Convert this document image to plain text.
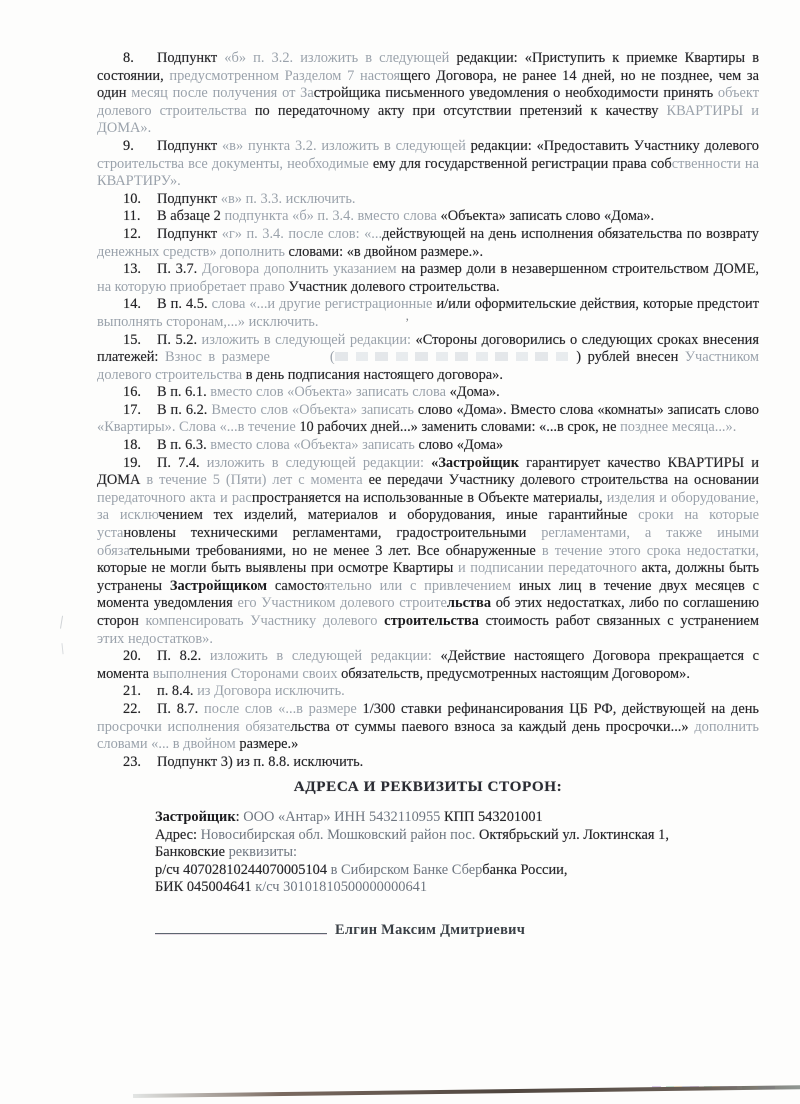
8. Подпункт «б» п. 3.2. изложить в следующей редакции: «Приступить к приемке Квартиры в состоянии, предусмотренном Разделом 7 настоящего Договора, не ранее 14 дней, но не позднее, чем за один месяц после получения от Застройщика письменного уведомления о необходимости принять объект долевого строительства по передаточному акту при отсутствии претензий к качеству КВАРТИРЫ и ДОМА».

9. Подпункт «в» пункта 3.2. изложить в следующей редакции: «Предоставить Участнику долевого строительства все документы, необходимые ему для государственной регистрации права собственности на КВАРТИРУ».

10. Подпункт «в» п. 3.3. исключить.

11. В абзаце 2 подпункта «б» п. 3.4. вместо слова «Объекта» записать слово «Дома».

12. Подпункт «г» п. 3.4. после слов: «...действующей на день исполнения обязательства по возврату денежных средств» дополнить словами: «в двойном размере.».

13. П. 3.7. Договора дополнить указанием на размер доли в незавершенном строительством ДОМЕ, на которую приобретает право Участник долевого строительства.

14. В п. 4.5. слова «...и другие регистрационные и/или оформительские действия, которые предстоит выполнять сторонам,...» исключить.

15. П. 5.2. изложить в следующей редакции: «Стороны договорились о следующих сроках внесения платежей: Взнос в размере	(	) рублей внесен Участником долевого строительства в день подписания настоящего договора».

16. В п. 6.1. вместо слов «Объекта» записать слова «Дома».

17. В п. 6.2. Вместо слов «Объекта» записать слово «Дома». Вместо слова «комнаты» записать слово «Квартиры». Слова «...в течение 10 рабочих дней...» заменить словами: «...в срок, не позднее месяца...».

18. В п. 6.3. вместо слова «Объекта» записать слово «Дома»

19. П. 7.4. изложить в следующей редакции: «Застройщик гарантирует качество КВАРТИРЫ и ДОМА в течение 5 (Пяти) лет с момента ее передачи Участнику долевого строительства на основании передаточного акта и распространяется на использованные в Объекте материалы, изделия и оборудование, за исключением тех изделий, материалов и оборудования, иные гарантийные сроки на которые установлены техническими регламентами, градостроительными регламентами, а также иными обязательными требованиями, но не менее 3 лет. Все обнаруженные в течение этого срока недостатки, которые не могли быть выявлены при осмотре Квартиры и подписании передаточного акта, должны быть устранены Застройщиком самостоятельно или с привлечением иных лиц в течение двух месяцев с момента уведомления его Участником долевого строительства об этих недостатках, либо по соглашению сторон компенсировать Участнику долевого строительства стоимость работ связанных с устранением этих недостатков».

20. П. 8.2. изложить в следующей редакции: «Действие настоящего Договора прекращается с момента выполнения Сторонами своих обязательств, предусмотренных настоящим Договором».

21. п. 8.4. из Договора исключить.

22. П. 8.7. после слов «...в размере 1/300 ставки рефинансирования ЦБ РФ, действующей на день просрочки исполнения обязательства от суммы паевого взноса за каждый день просрочки...» дополнить словами «... в двойном размере.»

23. Подпункт 3) из п. 8.8. исключить.

АДРЕСА И РЕКВИЗИТЫ СТОРОН:

Застройщик: ООО «Антар» ИНН 5432110955 КПП 543201001

Адрес: Новосибирская обл. Мошковский район пос. Октябрьский ул. Локтинская 1,

Банковские реквизиты:

р/сч 40702810244070005104 в Сибирском Банке Сбербанка России,

БИК 045004641 к/сч 30101810500000000641

Елгин Максим Дмитриевич

’
